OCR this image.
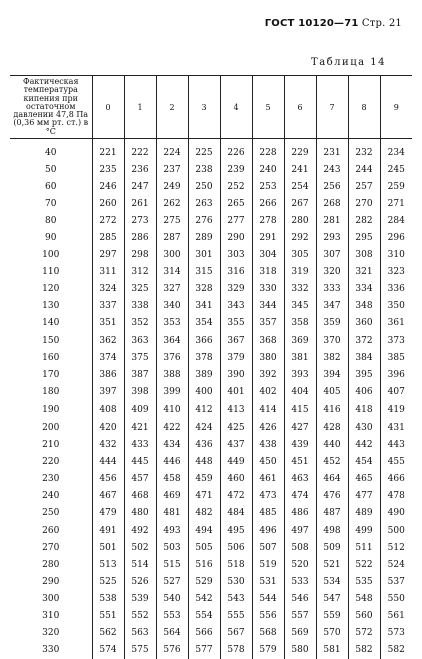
ГОСТ 10120—71 Стр. 21
Таблица 14
Фактическая температура кипения при остаточном давлении 47,8 Па (0,36 мм рт. ст.) в °С	0	1	2	3	4	5	6	7	8	9
40	221	222	224	225	226	228	229	231	232	234
50	235	236	237	238	239	240	241	243	244	245
60	246	247	249	250	252	253	254	256	257	259
70	260	261	262	263	265	266	267	268	270	271
80	272	273	275	276	277	278	280	281	282	284
90	285	286	287	289	290	291	292	293	295	296
100	297	298	300	301	303	304	305	307	308	310
110	311	312	314	315	316	318	319	320	321	323
120	324	325	327	328	329	330	332	333	334	336
130	337	338	340	341	343	344	345	347	348	350
140	351	352	353	354	355	357	358	359	360	361
150	362	363	364	366	367	368	369	370	372	373
160	374	375	376	378	379	380	381	382	384	385
170	386	387	388	389	390	392	393	394	395	396
180	397	398	399	400	401	402	404	405	406	407
190	408	409	410	412	413	414	415	416	418	419
200	420	421	422	424	425	426	427	428	430	431
210	432	433	434	436	437	438	439	440	442	443
220	444	445	446	448	449	450	451	452	454	455
230	456	457	458	459	460	461	463	464	465	466
240	467	468	469	471	472	473	474	476	477	478
250	479	480	481	482	484	485	486	487	489	490
260	491	492	493	494	495	496	497	498	499	500
270	501	502	503	505	506	507	508	509	511	512
280	513	514	515	516	518	519	520	521	522	524
290	525	526	527	529	530	531	533	534	535	537
300	538	539	540	542	543	544	546	547	548	550
310	551	552	553	554	555	556	557	559	560	561
320	562	563	564	566	567	568	569	570	572	573
330	574	575	576	577	578	579	580	581	582	582
